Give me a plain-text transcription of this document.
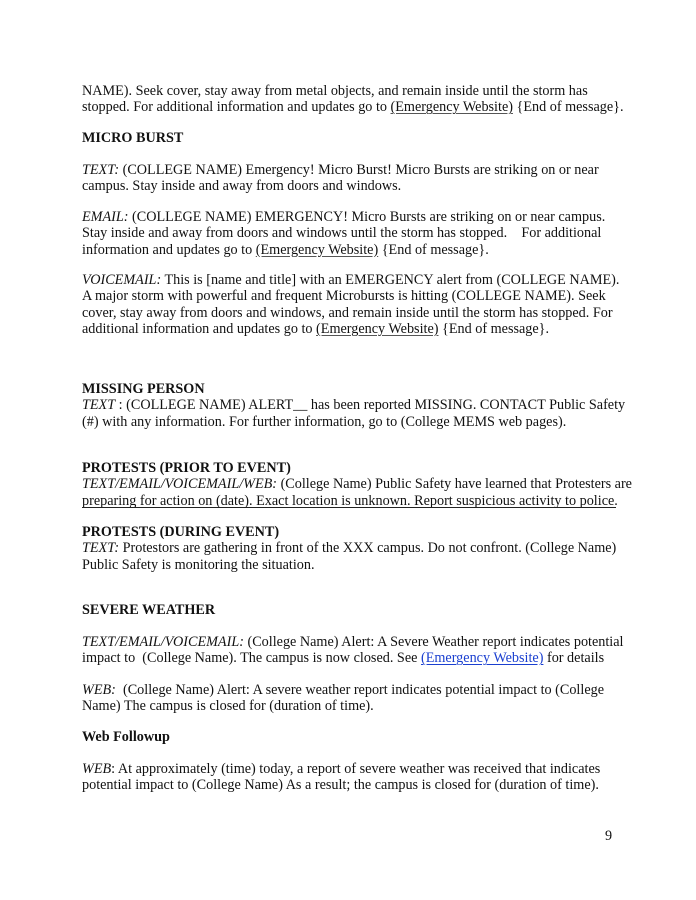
NAME). Seek cover, stay away from metal objects, and remain inside until the storm has
stopped. For additional information and updates go to (Emergency Website) {End of message}.
MICRO BURST
TEXT: (COLLEGE NAME) Emergency! Micro Burst! Micro Bursts are striking on or near
campus. Stay inside and away from doors and windows.
EMAIL: (COLLEGE NAME) EMERGENCY! Micro Bursts are striking on or near campus.
Stay inside and away from doors and windows until the storm has stopped.    For additional
information and updates go to (Emergency Website) {End of message}.
VOICEMAIL: This is [name and title] with an EMERGENCY alert from (COLLEGE NAME).
A major storm with powerful and frequent Microbursts is hitting (COLLEGE NAME). Seek
cover, stay away from doors and windows, and remain inside until the storm has stopped. For
additional information and updates go to (Emergency Website) {End of message}.
MISSING PERSON
TEXT : (COLLEGE NAME) ALERT__ has been reported MISSING. CONTACT Public Safety
(#) with any information. For further information, go to (College MEMS web pages).
PROTESTS (PRIOR TO EVENT)
TEXT/EMAIL/VOICEMAIL/WEB: (College Name) Public Safety have learned that Protesters are
preparing for action on (date). Exact location is unknown. Report suspicious activity to police.
PROTESTS (DURING EVENT)
TEXT: Protestors are gathering in front of the XXX campus. Do not confront. (College Name)
Public Safety is monitoring the situation.
SEVERE WEATHER
TEXT/EMAIL/VOICEMAIL: (College Name) Alert: A Severe Weather report indicates potential
impact to  (College Name). The campus is now closed. See (Emergency Website) for details
WEB:  (College Name) Alert: A severe weather report indicates potential impact to (College
Name) The campus is closed for (duration of time).
Web Followup
WEB: At approximately (time) today, a report of severe weather was received that indicates
potential impact to (College Name) As a result; the campus is closed for (duration of time).
9
